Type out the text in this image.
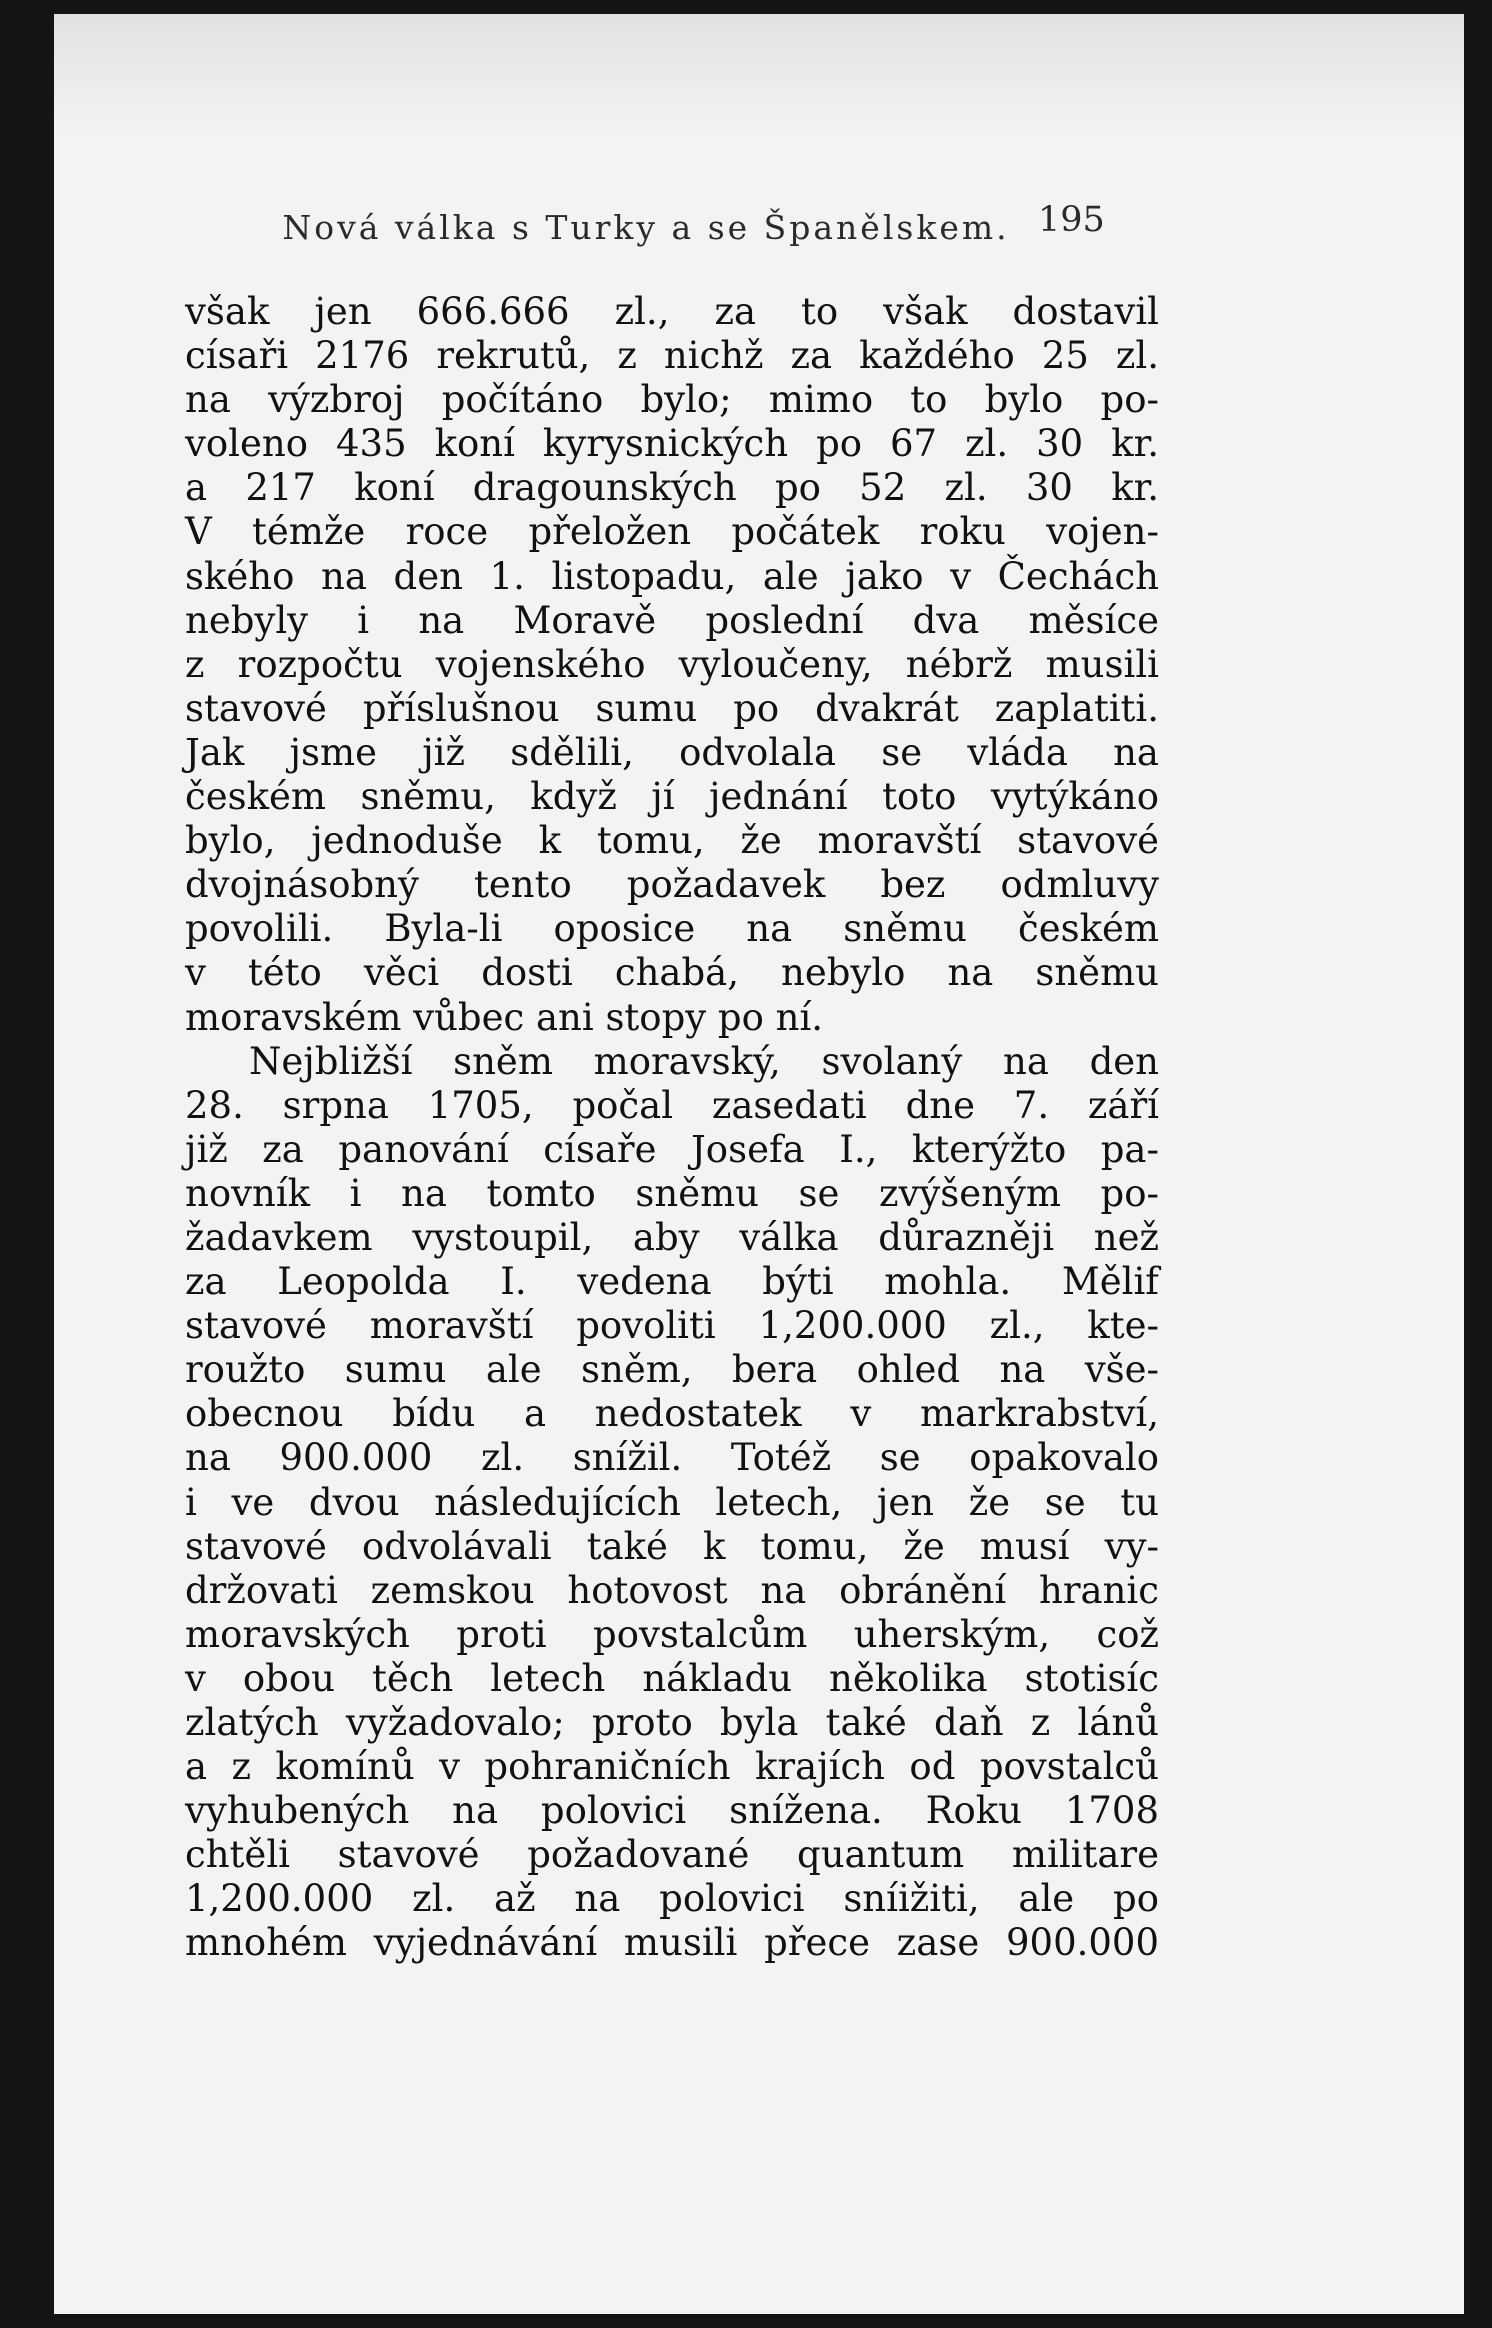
Nová válka s Turky a se Španělskem. 195
však jen 666.666 zl., za to však dostavil
císaři 2176 rekrutů, z nichž za každého 25 zl.
na výzbroj počítáno bylo; mimo to bylo po-
voleno 435 koní kyrysnických po 67 zl. 30 kr.
a 217 koní dragounských po 52 zl. 30 kr.
V témže roce přeložen počátek roku vojen-
ského na den 1. listopadu, ale jako v Čechách
nebyly i na Moravě poslední dva měsíce
z rozpočtu vojenského vyloučeny, nébrž musili
stavové příslušnou sumu po dvakrát zaplatiti.
Jak jsme již sdělili, odvolala se vláda na
českém sněmu, když jí jednání toto vytýkáno
bylo, jednoduše k tomu, že moravští stavové
dvojnásobný tento požadavek bez odmluvy
povolili. Byla-li oposice na sněmu českém
v této věci dosti chabá, nebylo na sněmu
moravském vůbec ani stopy po ní.
Nejbližší sněm moravský, svolaný na den
28. srpna 1705, počal zasedati dne 7. září
již za panování císaře Josefa I., kterýžto pa-
novník i na tomto sněmu se zvýšeným po-
žadavkem vystoupil, aby válka důrazněji než
za Leopolda I. vedena býti mohla. Mělif
stavové moravští povoliti 1,200.000 zl., kte-
roužto sumu ale sněm, bera ohled na vše-
obecnou bídu a nedostatek v markrabství,
na 900.000 zl. snížil. Totéž se opakovalo
i ve dvou následujících letech, jen že se tu
stavové odvolávali také k tomu, že musí vy-
držovati zemskou hotovost na obránění hranic
moravských proti povstalcům uherským, což
v obou těch letech nákladu několika stotisíc
zlatých vyžadovalo; proto byla také daň z lánů
a z komínů v pohraničních krajích od povstalců
vyhubených na polovici snížena. Roku 1708
chtěli stavové požadované quantum militare
1,200.000 zl. až na polovici sníižiti, ale po
mnohém vyjednávání musili přece zase 900.000
